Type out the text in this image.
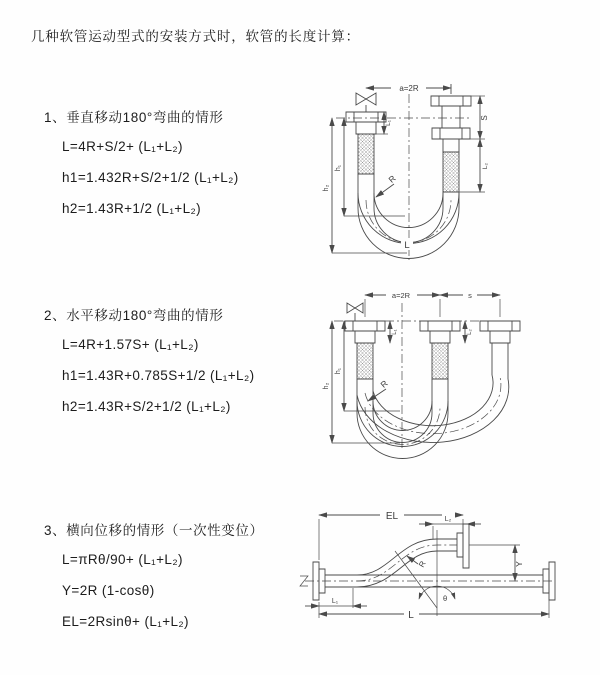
几种软管运动型式的安装方式时，软管的长度计算：
1、垂直移动180°弯曲的情形
L=4R+S/2+ (L₁+L₂)
h1=1.432R+S/2+1/2 (L₁+L₂)
h2=1.43R+1/2 (L₁+L₂)
2、水平移动180°弯曲的情形
L=4R+1.57S+ (L₁+L₂)
h1=1.43R+0.785S+1/2 (L₁+L₂)
h2=1.43R+S/2+1/2 (L₁+L₂)
3、横向位移的情形（一次性变位）
L=πRθ/90+ (L₁+L₂)
Y=2R (1-cosθ)
EL=2Rsinθ+ (L₁+L₂)
a=2R
h₁
h₂
L₁
S
L₂
R
L
a=2R	s
h₁
h₂
L₁	L₂
R
EL	L₂
θ
Y
L
L₁
R
